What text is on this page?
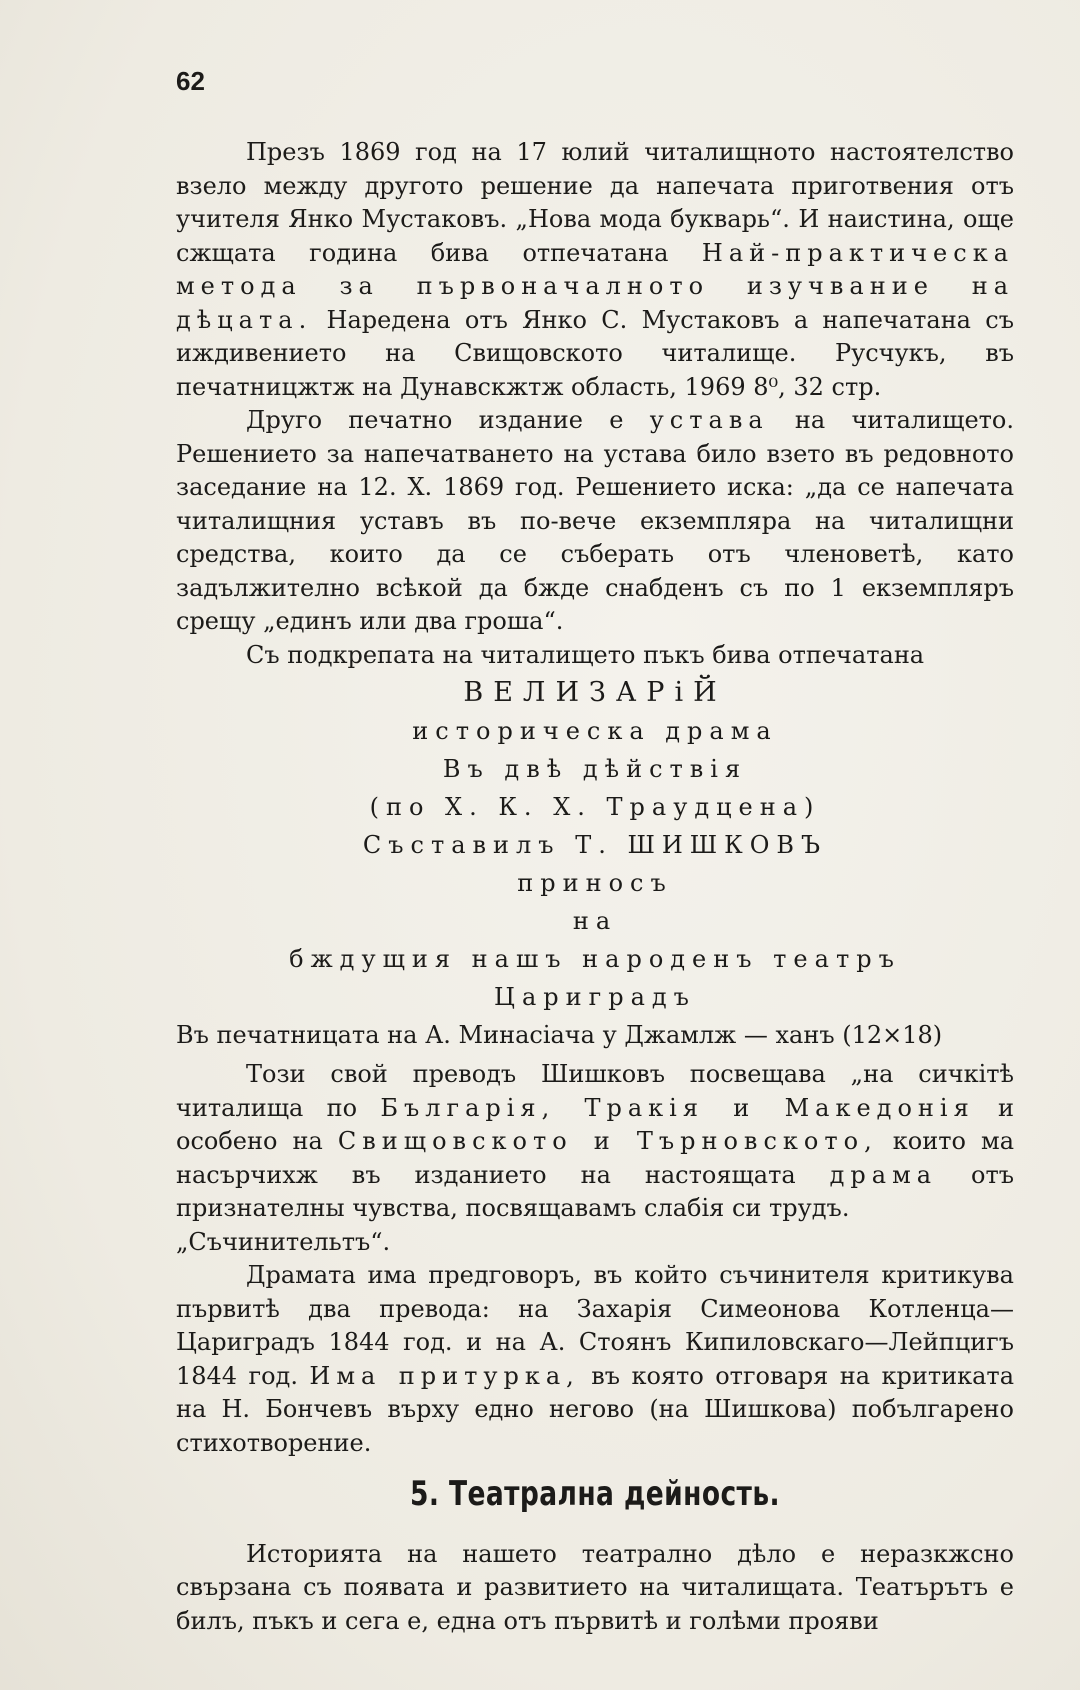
62

Презъ 1869 год на 17 юлий читалищното настоятелство взело между другото решение да напечата приготвения отъ учителя Янко Мустаковъ. „Нова мода букварь“. И наистина, още сжщата година бива отпечатана Най-практическа метода за първоначалното изучвание на дѣцата. Наредена отъ Янко С. Мустаковъ а напечатана съ иждивението на Свищовското читалище. Русчукъ, въ печатницжтж на Дунавскжтж область, 1969 8⁰, 32 стр.

Друго печатно издание е устава на читалището. Решението за напечатването на устава било взето въ редовното заседание на 12. Х. 1869 год. Решението иска: „да се напечата читалищния уставъ въ по-вече екземпляра на читалищни средства, които да се съберать отъ членоветѣ, като задължително всѣкой да бжде снабденъ съ по 1 екземпляръ срещу „единъ или два гроша“.

Съ подкрепата на читалището пъкъ бива отпечатана

ВЕЛИЗАРіЙ
историческа драма
Въ двѣ дѣйствія
(по Х. К. Х. Траудцена)
Съставилъ Т. ШИШКОВЪ
приносъ
на
бждущия нашъ народенъ театръ
Цариградъ
Въ печатницата на А. Минасіача у Джамлж — ханъ (12×18)

Този свой преводъ Шишковъ посвещава „на сичкітѣ читалища по Българія, Тракія и Македонія и особено на Свищовското и Търновското, които ма насърчихж въ изданието на настоящата драма отъ признателны чувства, посвящавамъ слабія си трудъ.

„Съчинительтъ“.

Драмата има предговоръ, въ който съчинителя критикува първитѣ два превода: на Захарія Симеонова Котленца— Цариградъ 1844 год. и на А. Стоянъ Кипиловскаго—Лейпцигъ 1844 год. Има притурка, въ която отговаря на критиката на Н. Бончевъ върху едно негово (на Шишкова) побългарено стихотворение.

5. Театрална дейность.

Историята на нашето театрално дѣло е неразкжсно свързана съ появата и развитието на читалищата. Театърътъ е билъ, пъкъ и сега е, една отъ първитѣ и голѣми прояви
